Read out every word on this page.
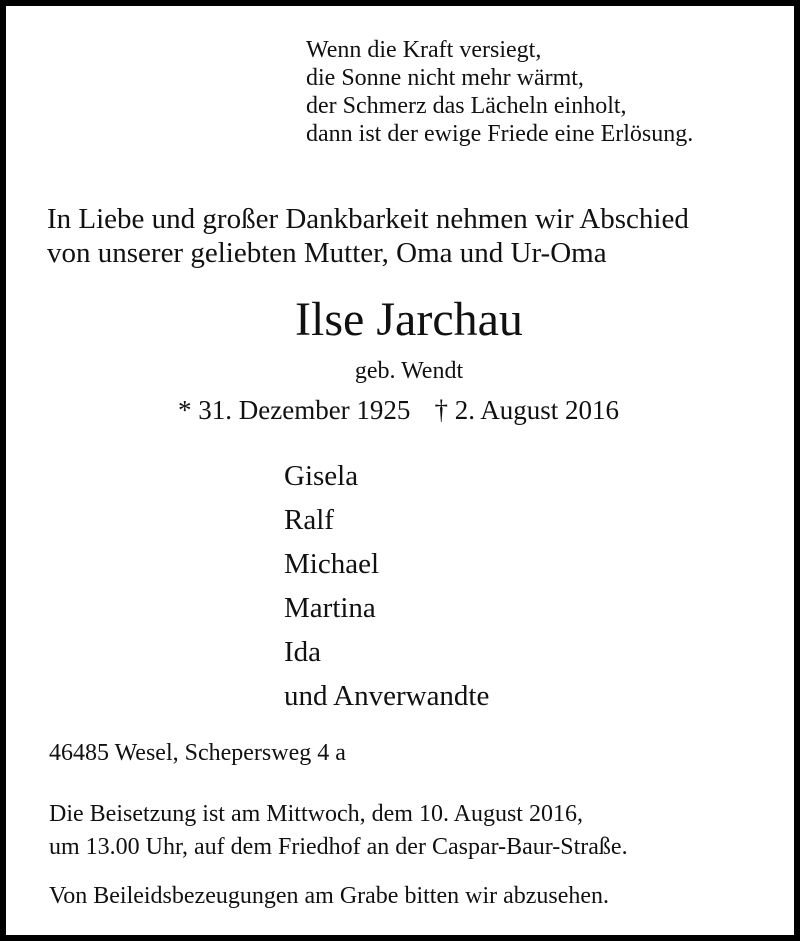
Wenn die Kraft versiegt,
die Sonne nicht mehr wärmt,
der Schmerz das Lächeln einholt,
dann ist der ewige Friede eine Erlösung.
In Liebe und großer Dankbarkeit nehmen wir Abschied
von unserer geliebten Mutter, Oma und Ur-Oma
Ilse Jarchau
geb. Wendt
* 31. Dezember 1925 † 2. August 2016
Gisela
Ralf
Michael
Martina
Ida
und Anverwandte
46485 Wesel, Schepersweg 4 a
Die Beisetzung ist am Mittwoch, dem 10. August 2016,
um 13.00 Uhr, auf dem Friedhof an der Caspar-Baur-Straße.
Von Beileidsbezeugungen am Grabe bitten wir abzusehen.
